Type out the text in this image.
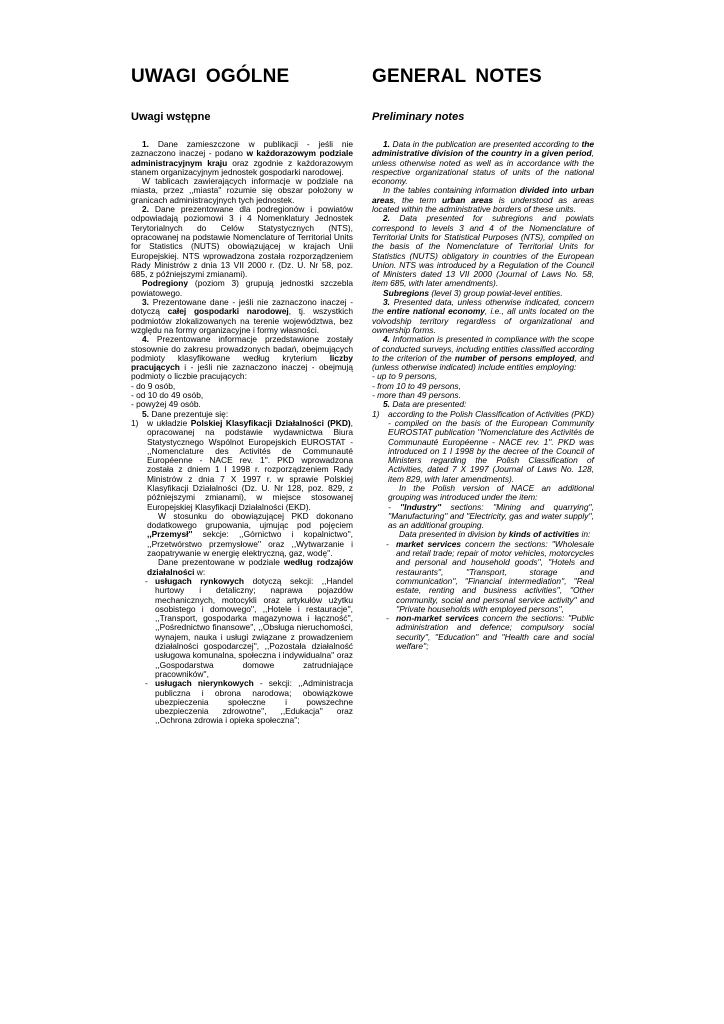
UWAGI OGÓLNE
Uwagi wstępne

1. Dane zamieszczone w publikacji - jeśli nie zaznaczono inaczej - podano w każdorazowym podziale administracyjnym kraju oraz zgodnie z każdorazowym stanem organizacyjnym jednostek gospodarki narodowej.

W tablicach zawierających informacje w podziale na miasta, przez ,,miasta'' rozumie się obszar położony w granicach administracyjnych tych jednostek.

2. Dane prezentowane dla podregionów i powiatów odpowiadają poziomowi 3 i 4 Nomenklatury Jednostek Terytorialnych do Celów Statystycznych (NTS), opracowanej na podstawie Nomenclature of Territorial Units for Statistics (NUTS) obowiązującej w krajach Unii Europejskiej. NTS wprowadzona została rozporządzeniem Rady Ministrów z dnia 13 VII 2000 r. (Dz. U. Nr 58, poz. 685, z późniejszymi zmianami).

Podregiony (poziom 3) grupują jednostki szczebla powiatowego.

3. Prezentowane dane - jeśli nie zaznaczono inaczej - dotyczą całej gospodarki narodowej, tj. wszystkich podmiotów zlokalizowanych na terenie województwa, bez względu na formy organizacyjne i formy własności.

4. Prezentowane informacje przedstawione zostały stosownie do zakresu prowadzonych badań, obejmujących podmioty klasyfikowane według kryterium liczby pracujących i - jeśli nie zaznaczono inaczej - obejmują podmioty o liczbie pracujących:

- do 9 osób,

- od 10 do 49 osób,

- powyżej 49 osób.

5. Dane prezentuje się:

1) w układzie Polskiej Klasyfikacji Działalności (PKD), opracowanej na podstawie wydawnictwa Biura Statystycznego Wspólnot Europejskich EUROSTAT - ,,Nomenclature des Activités de Communauté Européenne - NACE rev. 1''. PKD wprowadzona została z dniem 1 I 1998 r. rozporządzeniem Rady Ministrów z dnia 7 X 1997 r. w sprawie Polskiej Klasyfikacji Działalności (Dz. U. Nr 128, poz. 829, z późniejszymi zmianami), w miejsce stosowanej Europejskiej Klasyfikacji Działalności (EKD).

W stosunku do obowiązującej PKD dokonano dodatkowego grupowania, ujmując pod pojęciem ,,Przemysł'' sekcje: ,,Górnictwo i kopalnictwo'', ,,Przetwórstwo przemysłowe'' oraz ,,Wytwarzanie i zaopatrywanie w energię elektryczną, gaz, wodę''.

Dane prezentowane w podziale według rodzajów działalności w:

- usługach rynkowych dotyczą sekcji: ,,Handel hurtowy i detaliczny; naprawa pojazdów mechanicznych, motocykli oraz artykułów użytku osobistego i domowego'', ,,Hotele i restauracje'', ,,Transport, gospodarka magazynowa i łączność'', ,,Pośrednictwo finansowe'', ,,Obsługa nieruchomości, wynajem, nauka i usługi związane z prowadzeniem działalności gospodarczej'', ,,Pozostała działalność usługowa komunalna, społeczna i indywidualna'' oraz ,,Gospodarstwa domowe zatrudniające pracowników'',
- usługach nierynkowych - sekcji: ,,Administracja publiczna i obrona narodowa; obowiązkowe ubezpieczenia społeczne i powszechne ubezpieczenia zdrowotne'', ,,Edukacja'' oraz ,,Ochrona zdrowia i opieka społeczna'';
GENERAL NOTES
Preliminary notes

1. Data in the publication are presented according to the administrative division of the country in a given period, unless otherwise noted as well as in accordance with the respective organizational status of units of the national economy.

In the tables containing information divided into urban areas, the term urban areas is understood as areas located within the administrative borders of these units.

2. Data presented for subregions and powiats correspond to levels 3 and 4 of the Nomenclature of Territorial Units for Statistical Purposes (NTS), compiled on the basis of the Nomenclature of Territorial Units for Statistics (NUTS) obligatory in countries of the European Union. NTS was introduced by a Regulation of the Council of Ministers dated 13 VII 2000 (Journal of Laws No. 58, item 685, with later amendments).

Subregions (level 3) group powiat-level entities.

3. Presented data, unless otherwise indicated, concern the entire national economy, i.e., all units located on the voivodship territory regardless of organizational and ownership forms.

4. Information is presented in compliance with the scope of conducted surveys, including entities classified according to the criterion of the number of persons employed, and (unless otherwise indicated) include entities employing:

- up to 9 persons,

- from 10 to 49 persons,

- more than 49 persons.

5. Data are presented:

1) according to the Polish Classification of Activities (PKD) - compiled on the basis of the European Community EUROSTAT publication ''Nomenclature des Activités de Communauté Européenne - NACE rev. 1''. PKD was introduced on 1 I 1998 by the decree of the Council of Ministers regarding the Polish Classification of Activities, dated 7 X 1997 (Journal of Laws No. 128, item 829, with later amendments).

In the Polish version of NACE an additional grouping was introduced under the item:

- ''Industry'' sections: ''Mining and quarrying'', ''Manufacturing'' and ''Electricity, gas and water supply'', as an additional grouping.

Data presented in division by kinds of activities in:

- market services concern the sections: ''Wholesale and retail trade; repair of motor vehicles, motorcycles and personal and household goods'', ''Hotels and restaurants'', ''Transport, storage and communication'', ''Financial intermediation'', ''Real estate, renting and business activities'', ''Other community, social and personal service activity'' and ''Private households with employed persons'',
- non-market services concern the sections: ''Public administration and defence; compulsory social security'', ''Education'' and ''Health care and social welfare'';
